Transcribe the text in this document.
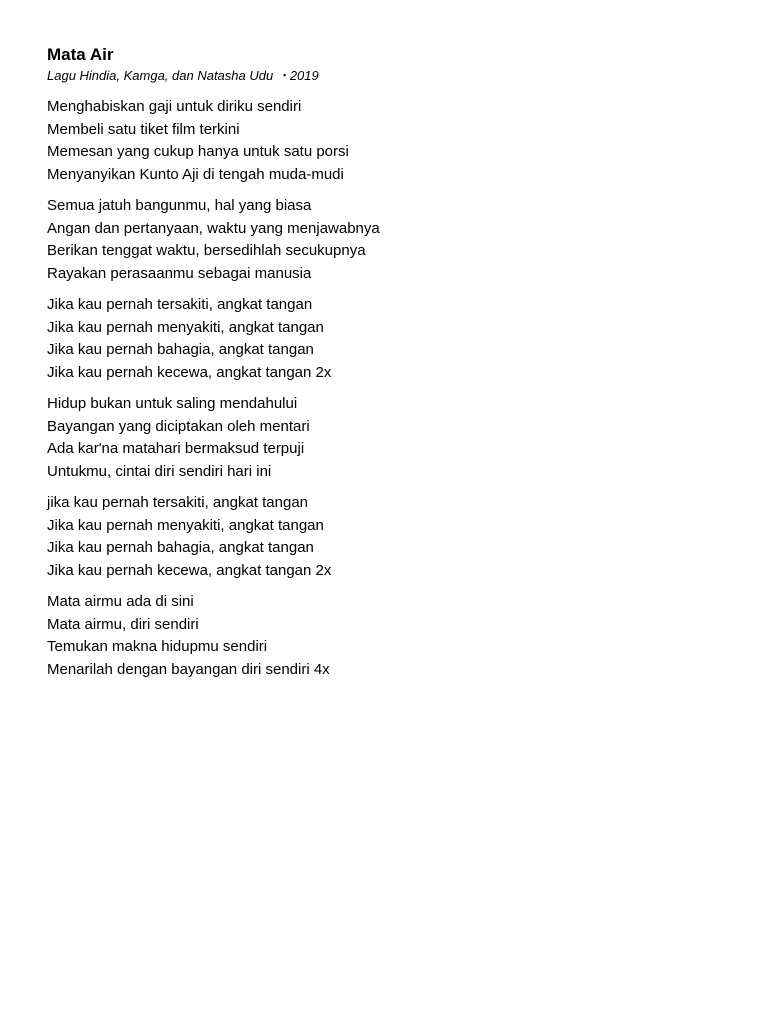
Mata Air

Lagu Hindia, Kamga, dan Natasha Udu ・2019

Menghabiskan gaji untuk diriku sendiri
Membeli satu tiket film terkini
Memesan yang cukup hanya untuk satu porsi
Menyanyikan Kunto Aji di tengah muda-mudi
Semua jatuh bangunmu, hal yang biasa
Angan dan pertanyaan, waktu yang menjawabnya
Berikan tenggat waktu, bersedihlah secukupnya
Rayakan perasaanmu sebagai manusia
Jika kau pernah tersakiti, angkat tangan
Jika kau pernah menyakiti, angkat tangan
Jika kau pernah bahagia, angkat tangan
Jika kau pernah kecewa, angkat tangan 2x
Hidup bukan untuk saling mendahului
Bayangan yang diciptakan oleh mentari
Ada kar'na matahari bermaksud terpuji
Untukmu, cintai diri sendiri hari ini
jika kau pernah tersakiti, angkat tangan
Jika kau pernah menyakiti, angkat tangan
Jika kau pernah bahagia, angkat tangan
Jika kau pernah kecewa, angkat tangan 2x
Mata airmu ada di sini
Mata airmu, diri sendiri
Temukan makna hidupmu sendiri
Menarilah dengan bayangan diri sendiri 4x
